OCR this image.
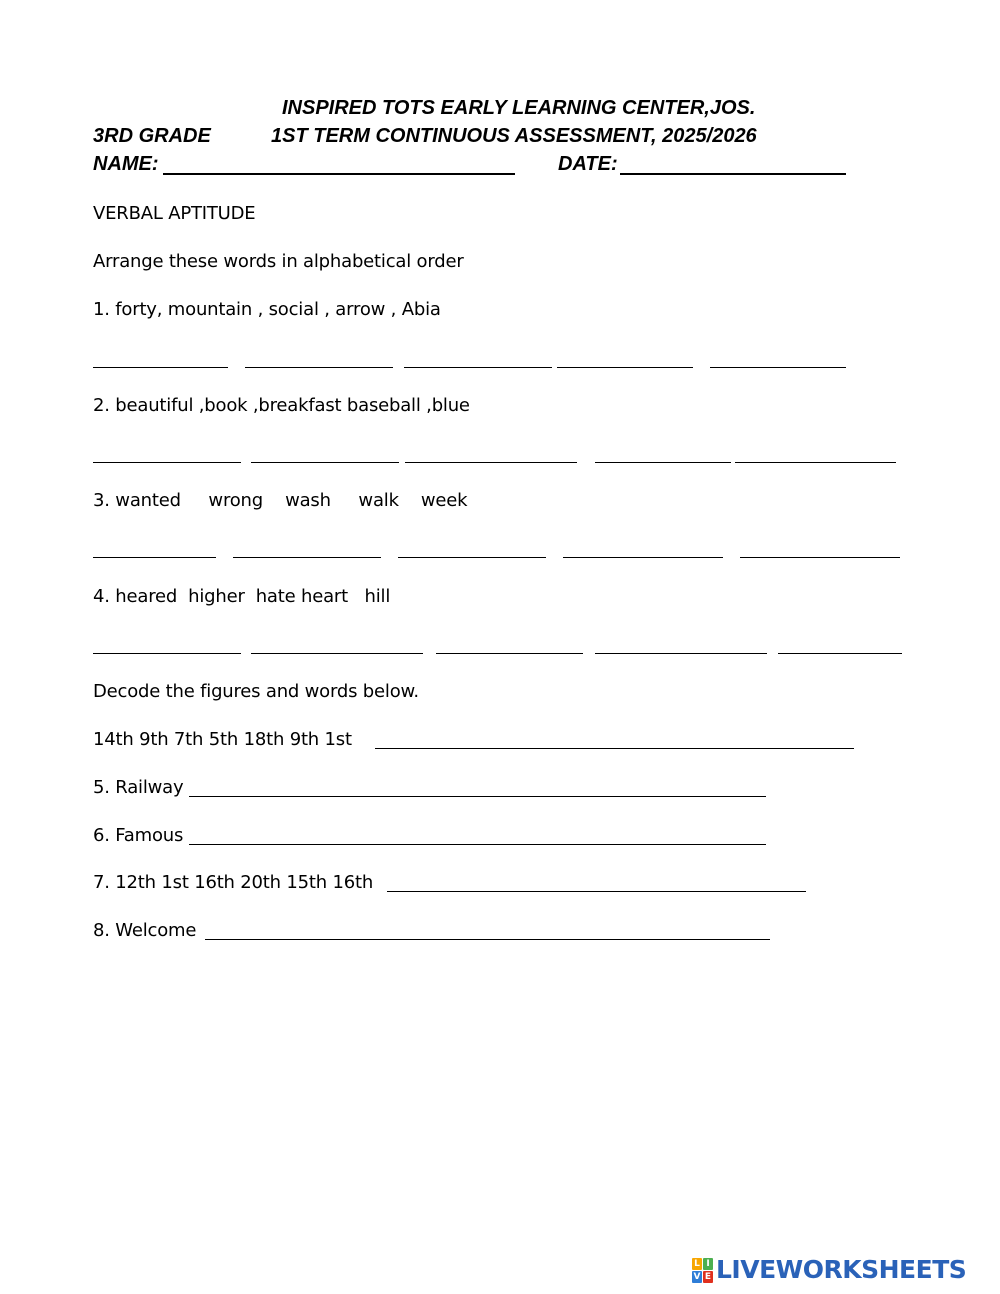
INSPIRED TOTS EARLY LEARNING CENTER,JOS.
3RD GRADE	1ST TERM CONTINUOUS ASSESSMENT, 2025/2026
NAME:	DATE:
VERBAL APTITUDE
Arrange these words in alphabetical order
1. forty, mountain , social , arrow , Abia
2. beautiful ,book ,breakfast baseball ,blue
3. wanted     wrong    wash     walk    week
4. heared  higher  hate heart   hill
Decode the figures and words below.
14th 9th 7th 5th 18th 9th 1st
5. Railway
6. Famous
7. 12th 1st 16th 20th 15th 16th
8. Welcome
L I
V E LIVEWORKSHEETS
